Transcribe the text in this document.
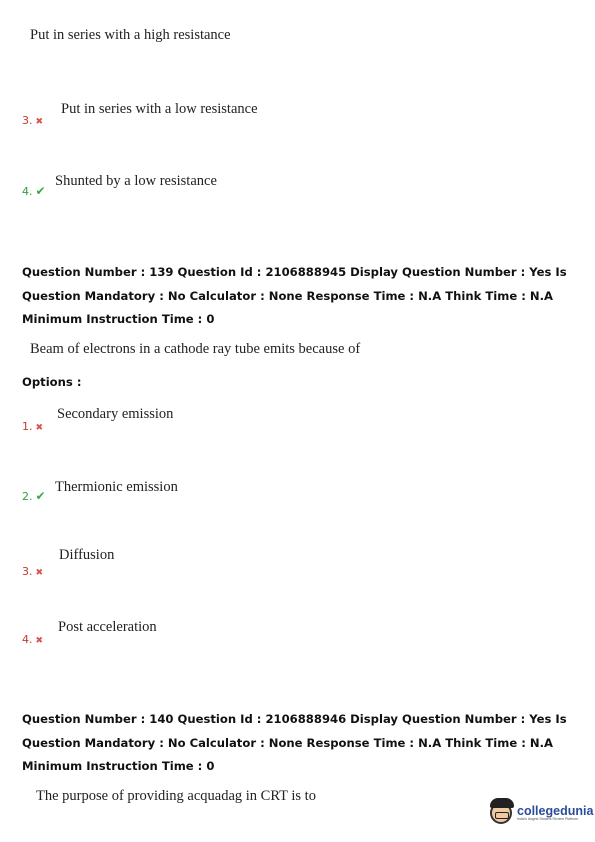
Put in series with a high resistance
3. ✖
Put in series with a low resistance
4. ✔
Shunted by a low resistance
Question Number : 139 Question Id : 2106888945 Display Question Number : Yes Is Question Mandatory : No Calculator : None Response Time : N.A Think Time : N.A Minimum Instruction Time : 0
Beam of electrons in a cathode ray tube emits because of
Options :
1. ✖
Secondary emission
2. ✔
Thermionic emission
3. ✖
Diffusion
4. ✖
Post acceleration
Question Number : 140 Question Id : 2106888946 Display Question Number : Yes Is Question Mandatory : No Calculator : None Response Time : N.A Think Time : N.A Minimum Instruction Time : 0
The purpose of providing acquadag in CRT is to
collegedunia
India's largest Student Review Platform
